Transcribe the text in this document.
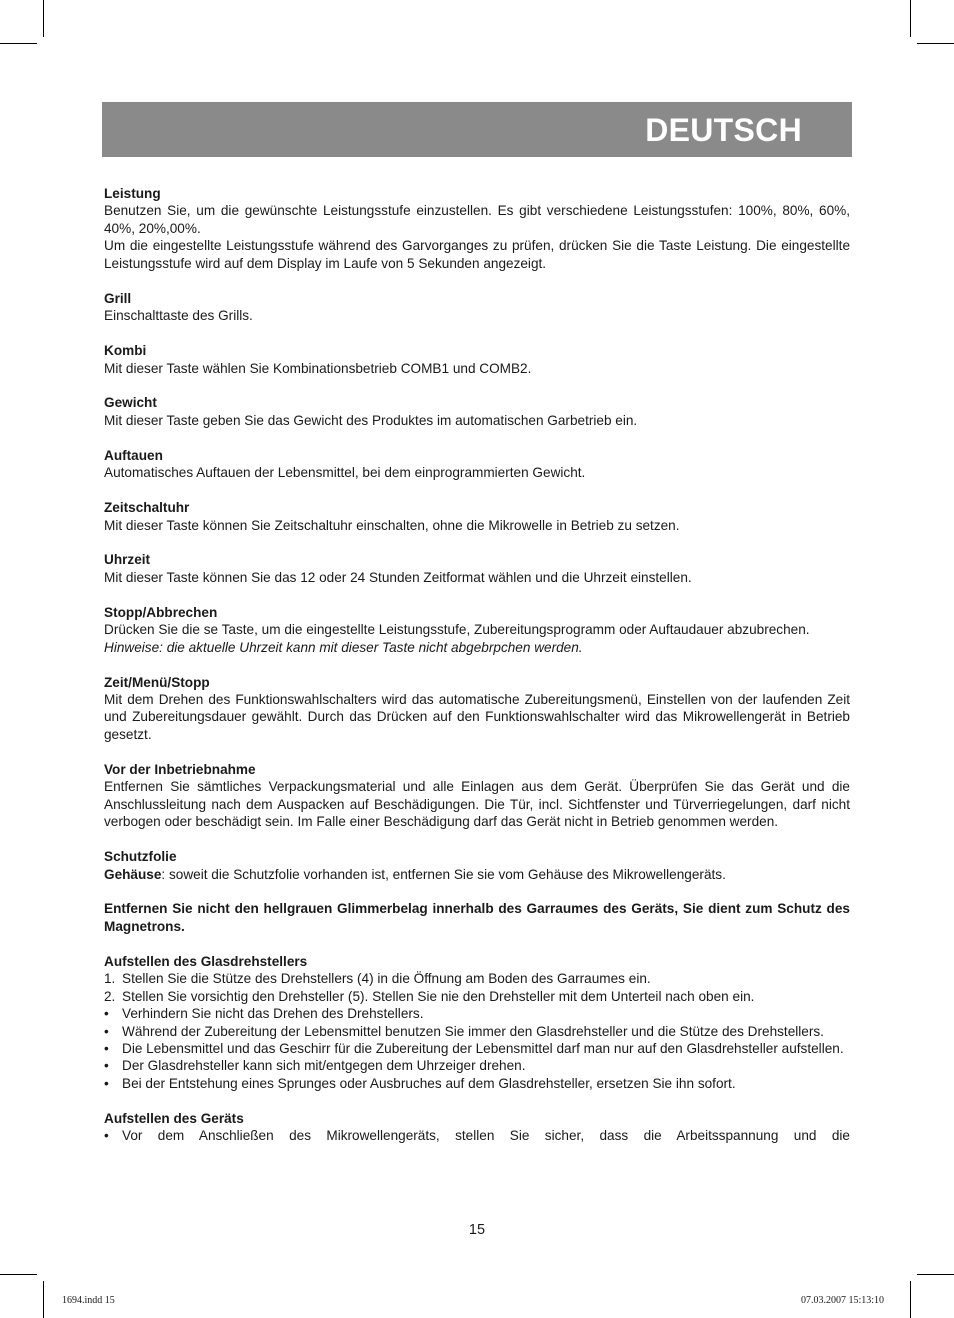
DEUTSCH
Leistung
Benutzen Sie, um die gewünschte Leistungsstufe einzustellen. Es gibt verschiedene Leistungsstufen: 100%, 80%, 60%, 40%, 20%,00%.
Um die eingestellte Leistungsstufe während des Garvorganges zu prüfen, drücken Sie die Taste Leistung. Die eingestellte Leistungsstufe wird auf dem Display im Laufe von 5 Sekunden angezeigt.
Grill
Einschalttaste des Grills.
Kombi
Mit dieser Taste wählen Sie Kombinationsbetrieb COMB1 und COMB2.
Gewicht
Mit dieser Taste geben Sie das Gewicht des Produktes im automatischen Garbetrieb ein.
Auftauen
Automatisches Auftauen der Lebensmittel, bei dem einprogrammierten Gewicht.
Zeitschaltuhr
Mit dieser Taste können Sie Zeitschaltuhr einschalten, ohne die Mikrowelle in Betrieb zu setzen.
Uhrzeit
Mit dieser Taste können Sie das 12 oder 24 Stunden Zeitformat wählen und die Uhrzeit einstellen.
Stopp/Abbrechen
Drücken Sie die se Taste, um die eingestellte Leistungsstufe, Zubereitungsprogramm oder Auftaudauer abzubrechen.
Hinweise: die aktuelle Uhrzeit kann mit dieser Taste nicht abgebrpchen werden.
Zeit/Menü/Stopp
Mit dem Drehen des Funktionswahlschalters wird das automatische Zubereitungsmenü, Einstellen von der laufenden Zeit und Zubereitungsdauer gewählt. Durch das Drücken auf den Funktionswahlschalter wird das Mikrowellengerät in Betrieb gesetzt.
Vor der Inbetriebnahme
Entfernen Sie sämtliches Verpackungsmaterial und alle Einlagen aus dem Gerät. Überprüfen Sie das Gerät und die Anschlussleitung nach dem Auspacken auf Beschädigungen. Die Tür, incl. Sichtfenster und Türverriegelungen, darf nicht verbogen oder beschädigt sein. Im Falle einer Beschädigung darf das Gerät nicht in Betrieb genommen werden.
Schutzfolie
Gehäuse: soweit die Schutzfolie vorhanden ist, entfernen Sie sie vom Gehäuse des Mikrowellengeräts.
Entfernen Sie nicht den hellgrauen Glimmerbelag innerhalb des Garraumes des Geräts, Sie dient zum Schutz des Magnetrons.
Aufstellen des Glasdrehstellers
1. Stellen Sie die Stütze des Drehstellers (4) in die Öffnung am Boden des Garraumes ein.
2. Stellen Sie vorsichtig den Drehsteller (5). Stellen Sie nie den Drehsteller mit dem Unterteil nach oben ein.
• Verhindern Sie nicht das Drehen des Drehstellers.
• Während der Zubereitung der Lebensmittel benutzen Sie immer den Glasdrehsteller und die Stütze des Drehstellers.
• Die Lebensmittel und das Geschirr für die Zubereitung der Lebensmittel darf man nur auf den Glasdrehsteller aufstellen.
• Der Glasdrehsteller kann sich mit/entgegen dem Uhrzeiger drehen.
• Bei der Entstehung eines Sprunges oder Ausbruches auf dem Glasdrehsteller, ersetzen Sie ihn sofort.
Aufstellen des Geräts
• Vor dem Anschließen des Mikrowellengeräts, stellen Sie sicher, dass die Arbeitsspannung und die
15
1694.indd 15	07.03.2007 15:13:10
